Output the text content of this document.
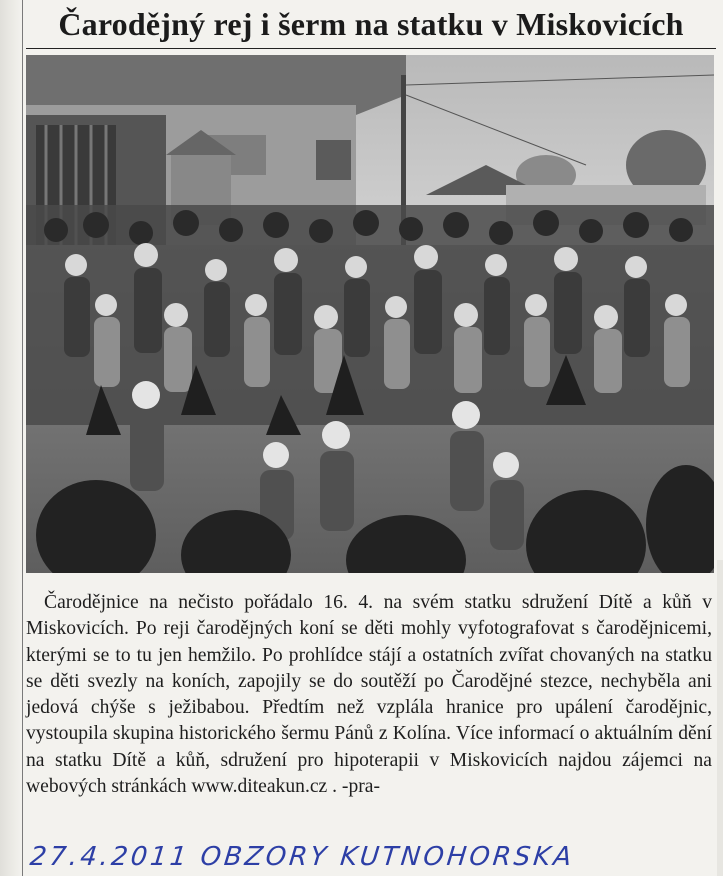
Čarodějný rej i šerm na statku v Miskovicích
Čarodějnice na nečisto pořádalo 16. 4. na svém statku sdružení Dítě a kůň v Miskovicích. Po reji čarodějných koní se děti mohly vyfotografovat s čarodějnicemi, kterými se to tu jen hemžilo. Po prohlídce stájí a ostatních zvířat chovaných na statku se děti svezly na koních, zapojily se do soutěží po Čarodějné stezce, nechyběla ani jedová chýše s ježibabou. Předtím než vzplála hranice pro upálení čarodějnic, vystoupila skupina historického šermu Pánů z Kolína. Více informací o aktuálním dění na statku Dítě a kůň, sdružení pro hipoterapii v Miskovicích najdou zájemci na webových stránkách www.diteakun.cz . -pra-
27.4.2011 OBZORY KUTNOHORSKA
